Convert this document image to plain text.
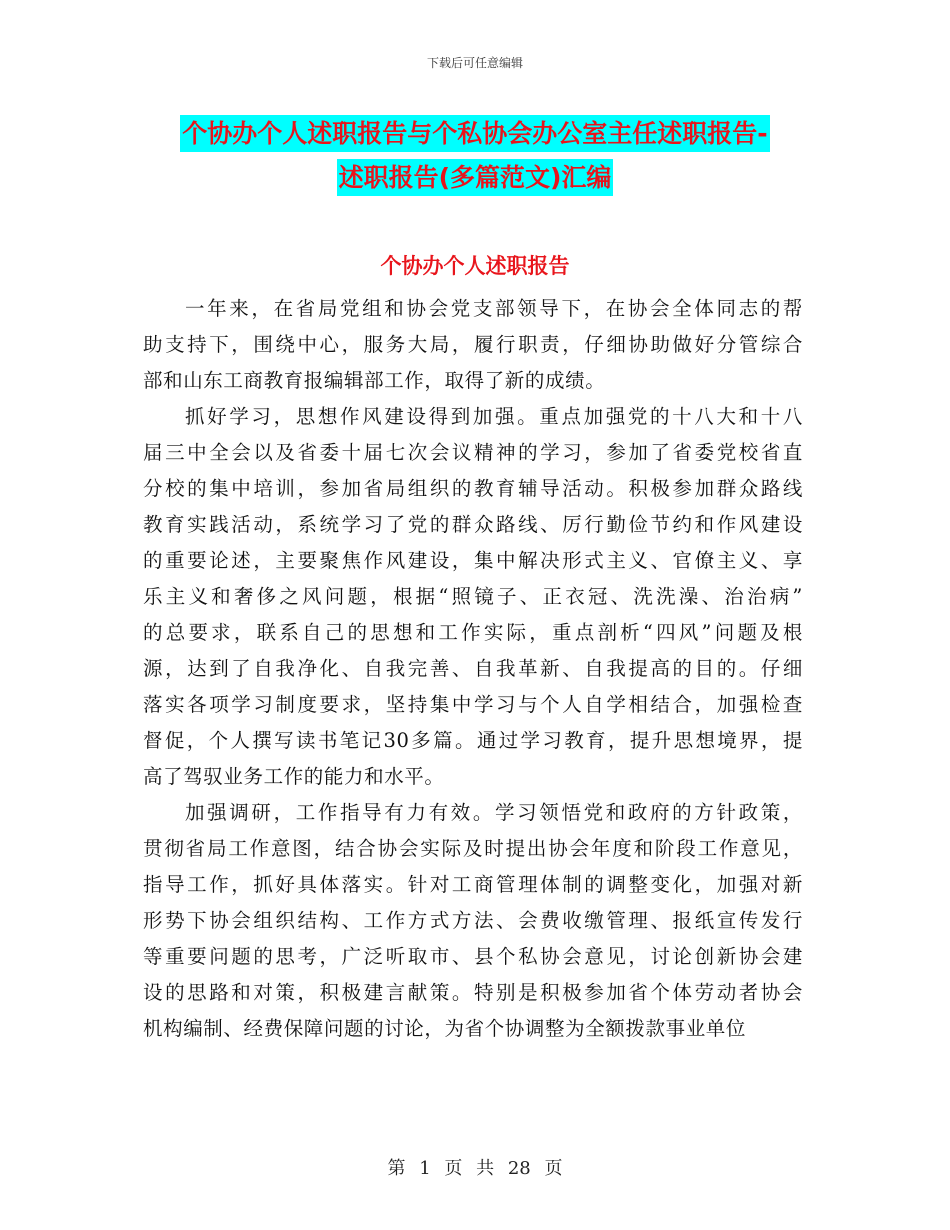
下载后可任意编辑
个协办个人述职报告与个私协会办公室主任述职报告-
述职报告(多篇范文)汇编
个协办个人述职报告
一年来，在省局党组和协会党支部领导下，在协会全体同志的帮
助支持下，围绕中心，服务大局，履行职责，仔细协助做好分管综合
部和山东工商教育报编辑部工作，取得了新的成绩。
抓好学习，思想作风建设得到加强。重点加强党的十八大和十八
届三中全会以及省委十届七次会议精神的学习，参加了省委党校省直
分校的集中培训，参加省局组织的教育辅导活动。积极参加群众路线
教育实践活动，系统学习了党的群众路线、厉行勤俭节约和作风建设
的重要论述，主要聚焦作风建设，集中解决形式主义、官僚主义、享
乐主义和奢侈之风问题，根据“照镜子、正衣冠、洗洗澡、治治病”
的总要求，联系自己的思想和工作实际，重点剖析“四风”问题及根
源，达到了自我净化、自我完善、自我革新、自我提高的目的。仔细
落实各项学习制度要求，坚持集中学习与个人自学相结合，加强检查
督促，个人撰写读书笔记30多篇。通过学习教育，提升思想境界，提
高了驾驭业务工作的能力和水平。
加强调研，工作指导有力有效。学习领悟党和政府的方针政策，
贯彻省局工作意图，结合协会实际及时提出协会年度和阶段工作意见，
指导工作，抓好具体落实。针对工商管理体制的调整变化，加强对新
形势下协会组织结构、工作方式方法、会费收缴管理、报纸宣传发行
等重要问题的思考，广泛听取市、县个私协会意见，讨论创新协会建
设的思路和对策，积极建言献策。特别是积极参加省个体劳动者协会
机构编制、经费保障问题的讨论，为省个协调整为全额拨款事业单位
第 1 页 共 28 页
